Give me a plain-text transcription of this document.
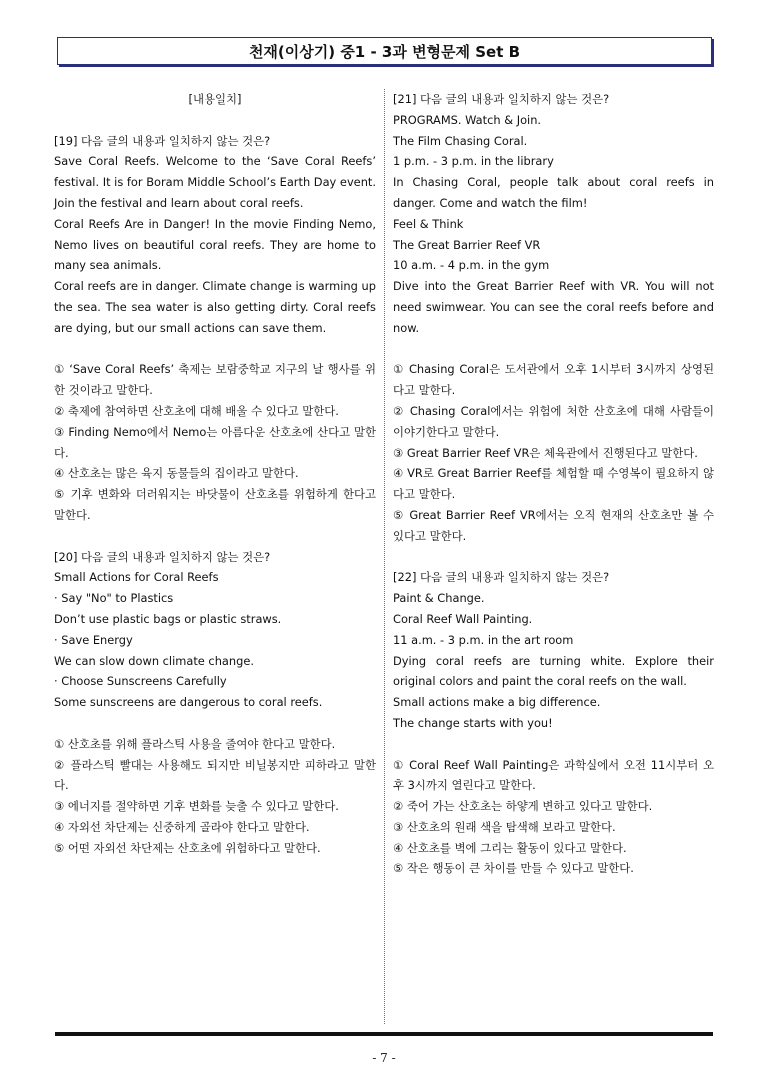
천재(이상기) 중1 - 3과 변형문제 Set B

[내용일치]

[19] 다음 글의 내용과 일치하지 않는 것은?

Save Coral Reefs. Welcome to the ‘Save Coral Reefs’ festival. It is for Boram Middle School’s Earth Day event. Join the festival and learn about coral reefs.

Coral Reefs Are in Danger! In the movie Finding Nemo, Nemo lives on beautiful coral reefs. They are home to many sea animals.

Coral reefs are in danger. Climate change is warming up the sea. The sea water is also getting dirty. Coral reefs are dying, but our small actions can save them.

① ‘Save Coral Reefs’ 축제는 보람중학교 지구의 날 행사를 위한 것이라고 말한다.

② 축제에 참여하면 산호초에 대해 배울 수 있다고 말한다.

③ Finding Nemo에서 Nemo는 아름다운 산호초에 산다고 말한다.

④ 산호초는 많은 육지 동물들의 집이라고 말한다.

⑤ 기후 변화와 더러워지는 바닷물이 산호초를 위험하게 한다고 말한다.

[20] 다음 글의 내용과 일치하지 않는 것은?

Small Actions for Coral Reefs

· Say "No" to Plastics

Don’t use plastic bags or plastic straws.

· Save Energy

We can slow down climate change.

· Choose Sunscreens Carefully

Some sunscreens are dangerous to coral reefs.

① 산호초를 위해 플라스틱 사용을 줄여야 한다고 말한다.

② 플라스틱 빨대는 사용해도 되지만 비닐봉지만 피하라고 말한다.

③ 에너지를 절약하면 기후 변화를 늦출 수 있다고 말한다.

④ 자외선 차단제는 신중하게 골라야 한다고 말한다.

⑤ 어떤 자외선 차단제는 산호초에 위험하다고 말한다.

[21] 다음 글의 내용과 일치하지 않는 것은?

PROGRAMS. Watch & Join.

The Film Chasing Coral.

1 p.m. - 3 p.m. in the library

In Chasing Coral, people talk about coral reefs in danger. Come and watch the film!

Feel & Think

The Great Barrier Reef VR

10 a.m. - 4 p.m. in the gym

Dive into the Great Barrier Reef with VR. You will not need swimwear. You can see the coral reefs before and now.

① Chasing Coral은 도서관에서 오후 1시부터 3시까지 상영된다고 말한다.

② Chasing Coral에서는 위험에 처한 산호초에 대해 사람들이 이야기한다고 말한다.

③ Great Barrier Reef VR은 체육관에서 진행된다고 말한다.

④ VR로 Great Barrier Reef를 체험할 때 수영복이 필요하지 않다고 말한다.

⑤ Great Barrier Reef VR에서는 오직 현재의 산호초만 볼 수 있다고 말한다.

[22] 다음 글의 내용과 일치하지 않는 것은?

Paint & Change.

Coral Reef Wall Painting.

11 a.m. - 3 p.m. in the art room

Dying coral reefs are turning white. Explore their original colors and paint the coral reefs on the wall.

Small actions make a big difference.

The change starts with you!

① Coral Reef Wall Painting은 과학실에서 오전 11시부터 오후 3시까지 열린다고 말한다.

② 죽어 가는 산호초는 하얗게 변하고 있다고 말한다.

③ 산호초의 원래 색을 탐색해 보라고 말한다.

④ 산호초를 벽에 그리는 활동이 있다고 말한다.

⑤ 작은 행동이 큰 차이를 만들 수 있다고 말한다.

- 7 -
